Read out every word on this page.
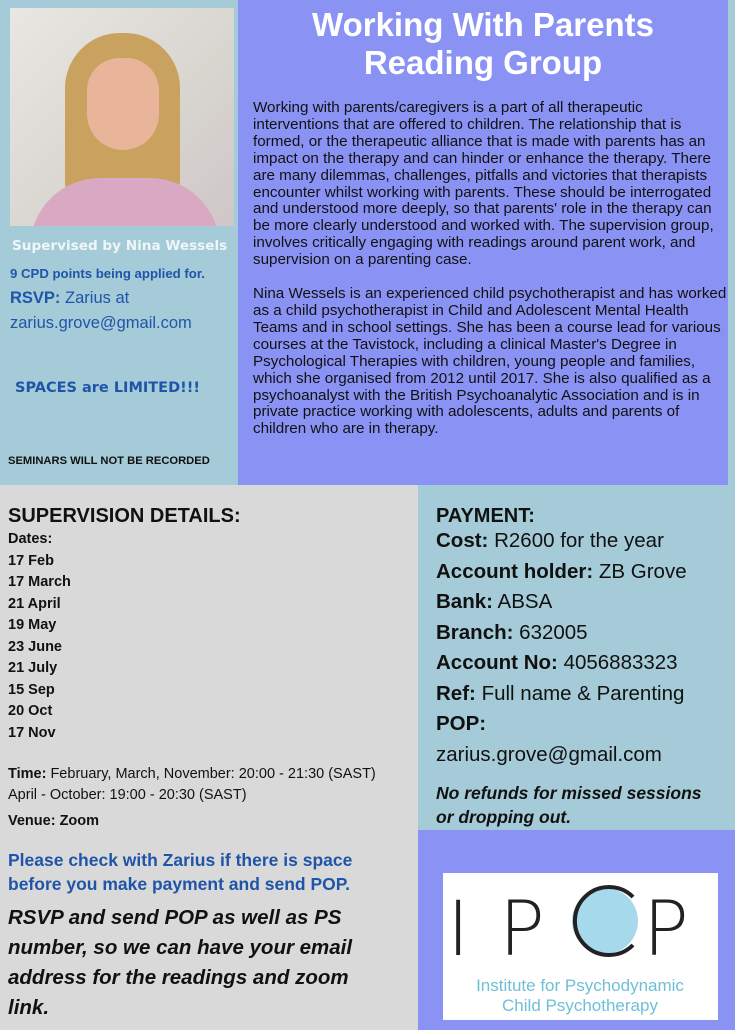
Supervised by Nina Wessels
9 CPD points being applied for.
RSVP: Zarius at
zarius.grove@gmail.com
SPACES are LIMITED!!!
SEMINARS WILL NOT BE RECORDED
Working With Parents
Reading Group

Working with parents/caregivers is a part of all therapeutic interventions that are offered to children. The relationship that is formed, or the therapeutic alliance that is made with parents has an impact on the therapy and can hinder or enhance the therapy. There are many dilemmas, challenges, pitfalls and victories that therapists encounter whilst working with parents. These should be interrogated and understood more deeply, so that parents' role in the therapy can be more clearly understood and worked with. The supervision group, involves critically engaging with readings around parent work, and supervision on a parenting case.

Nina Wessels is an experienced child psychotherapist and has worked as a child psychotherapist in Child and Adolescent Mental Health Teams and in school settings. She has been a course lead for various courses at the Tavistock, including a clinical Master's Degree in Psychological Therapies with children, young people and families, which she organised from 2012 until 2017. She is also qualified as a psychoanalyst with the British Psychoanalytic Association and is in private practice working with adolescents, adults and parents of children who are in therapy.

SUPERVISION DETAILS:
Dates:
17 Feb
17 March
21 April
19 May
23 June
21 July
15 Sep
20 Oct
17 Nov
Time: February, March, November: 20:00 - 21:30 (SAST)
April - October: 19:00 - 20:30 (SAST)
Venue: Zoom
Please check with Zarius if there is space before you make payment and send POP.
RSVP and send POP as well as PS number, so we can have your email address for the readings and zoom link.
PAYMENT:
Cost: R2600 for the year
Account holder: ZB Grove
Bank: ABSA
Branch: 632005
Account No: 4056883323
Ref: Full name & Parenting
POP:
zarius.grove@gmail.com
No refunds for missed sessions or dropping out.
I P P
Institute for Psychodynamic
Child Psychotherapy
